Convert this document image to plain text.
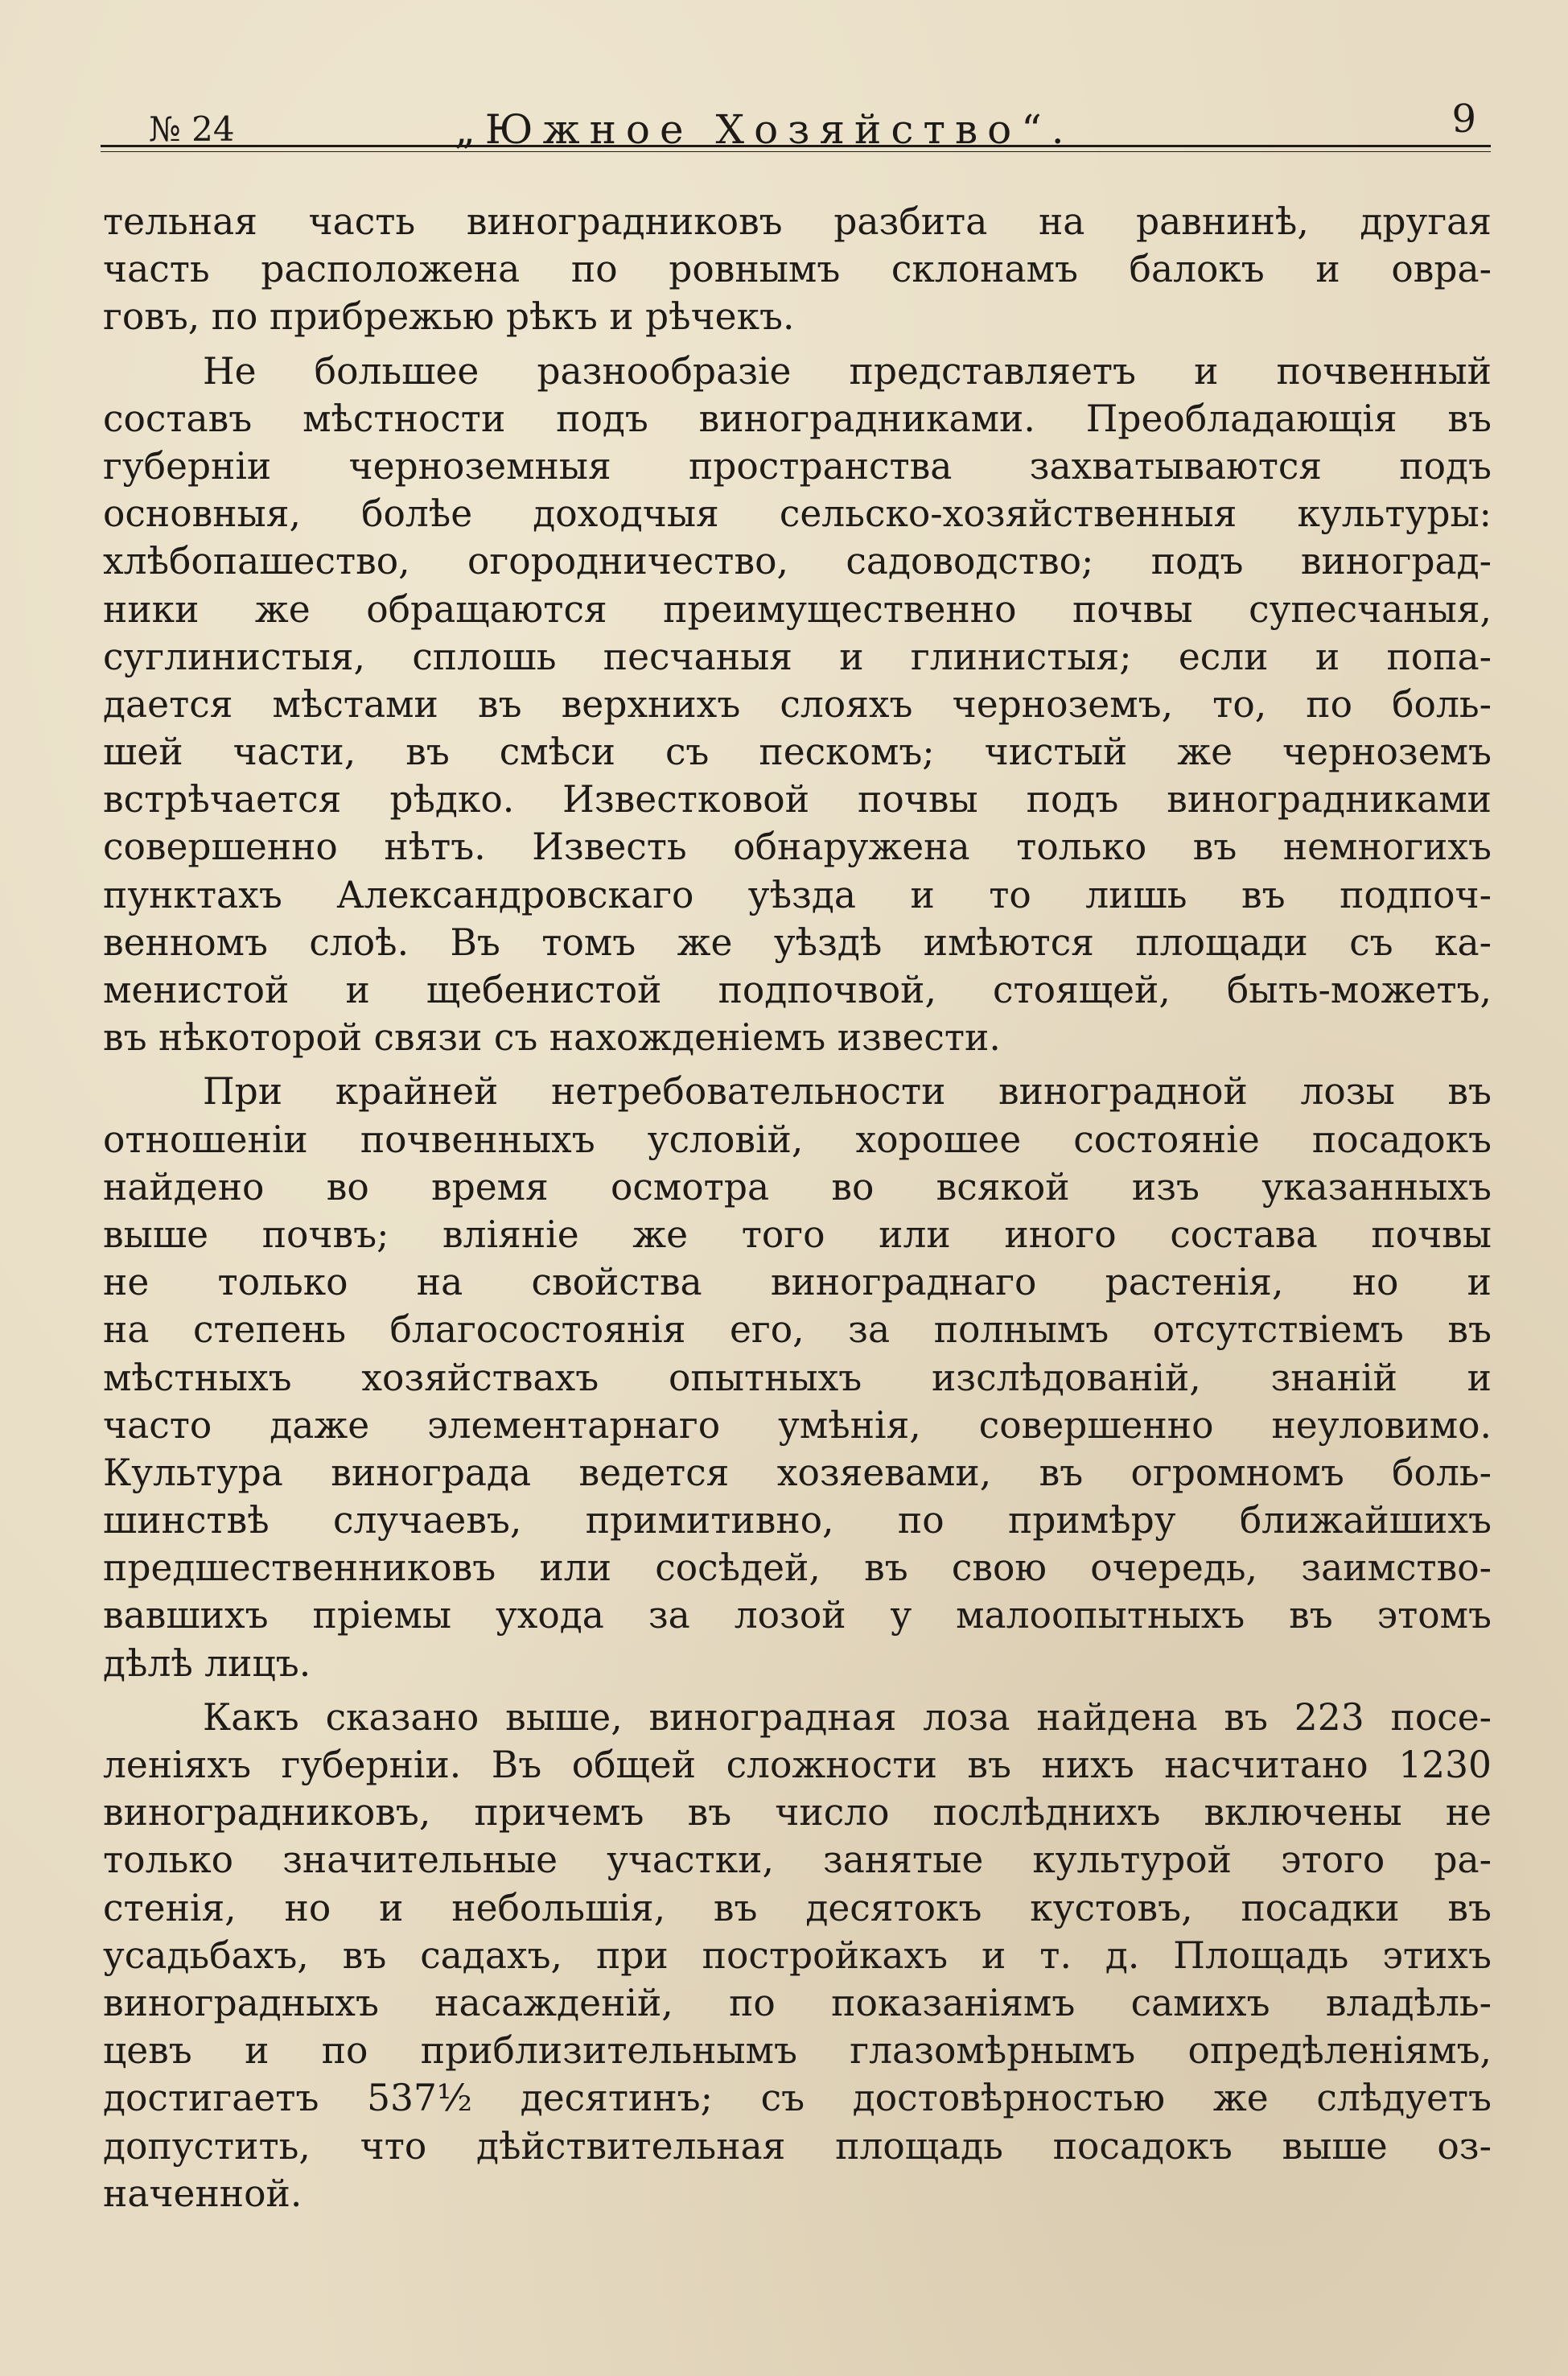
№ 24	„Южное Хозяйство“.	9
тельная часть виноградниковъ разбита на равнинѣ, другая
часть расположена по ровнымъ склонамъ балокъ и овра-
говъ, по прибрежью рѣкъ и рѣчекъ.
Не большее разнообразіе представляетъ и почвенный
составъ мѣстности подъ виноградниками. Преобладающія въ
губерніи черноземныя пространства захватываются подъ
основныя, болѣе доходчыя сельско-хозяйственныя культуры:
хлѣбопашество, огородничество, садоводство; подъ виноград-
ники же обращаются преимущественно почвы супесчаныя,
суглинистыя, сплошь песчаныя и глинистыя; если и попа-
дается мѣстами въ верхнихъ слояхъ черноземъ, то, по боль-
шей части, въ смѣси съ пескомъ; чистый же черноземъ
встрѣчается рѣдко. Известковой почвы подъ виноградниками
совершенно нѣтъ. Известь обнаружена только въ немногихъ
пунктахъ Александровскаго уѣзда и то лишь въ подпоч-
венномъ слоѣ. Въ томъ же уѣздѣ имѣются площади съ ка-
менистой и щебенистой подпочвой, стоящей, быть-можетъ,
въ нѣкоторой связи съ нахожденіемъ извести.
При крайней нетребовательности виноградной лозы въ
отношеніи почвенныхъ условій, хорошее состояніе посадокъ
найдено во время осмотра во всякой изъ указанныхъ
выше почвъ; вліяніе же того или иного состава почвы
не только на свойства винограднаго растенія, но и
на степень благосостоянія его, за полнымъ отсутствіемъ въ
мѣстныхъ хозяйствахъ опытныхъ изслѣдованій, знаній и
часто даже элементарнаго умѣнія, совершенно неуловимо.
Культура винограда ведется хозяевами, въ огромномъ боль-
шинствѣ случаевъ, примитивно, по примѣру ближайшихъ
предшественниковъ или сосѣдей, въ свою очередь, заимство-
вавшихъ пріемы ухода за лозой у малоопытныхъ въ этомъ
дѣлѣ лицъ.
Какъ сказано выше, виноградная лоза найдена въ 223 посе-
леніяхъ губерніи. Въ общей сложности въ нихъ насчитано 1230
виноградниковъ, причемъ въ число послѣднихъ включены не
только значительные участки, занятые культурой этого ра-
стенія, но и небольшія, въ десятокъ кустовъ, посадки въ
усадьбахъ, въ садахъ, при постройкахъ и т. д. Площадь этихъ
виноградныхъ насажденій, по показаніямъ самихъ владѣль-
цевъ и по приблизительнымъ глазомѣрнымъ опредѣленіямъ,
достигаетъ 537½ десятинъ; съ достовѣрностью же слѣдуетъ
допустить, что дѣйствительная площадь посадокъ выше оз-
наченной.
